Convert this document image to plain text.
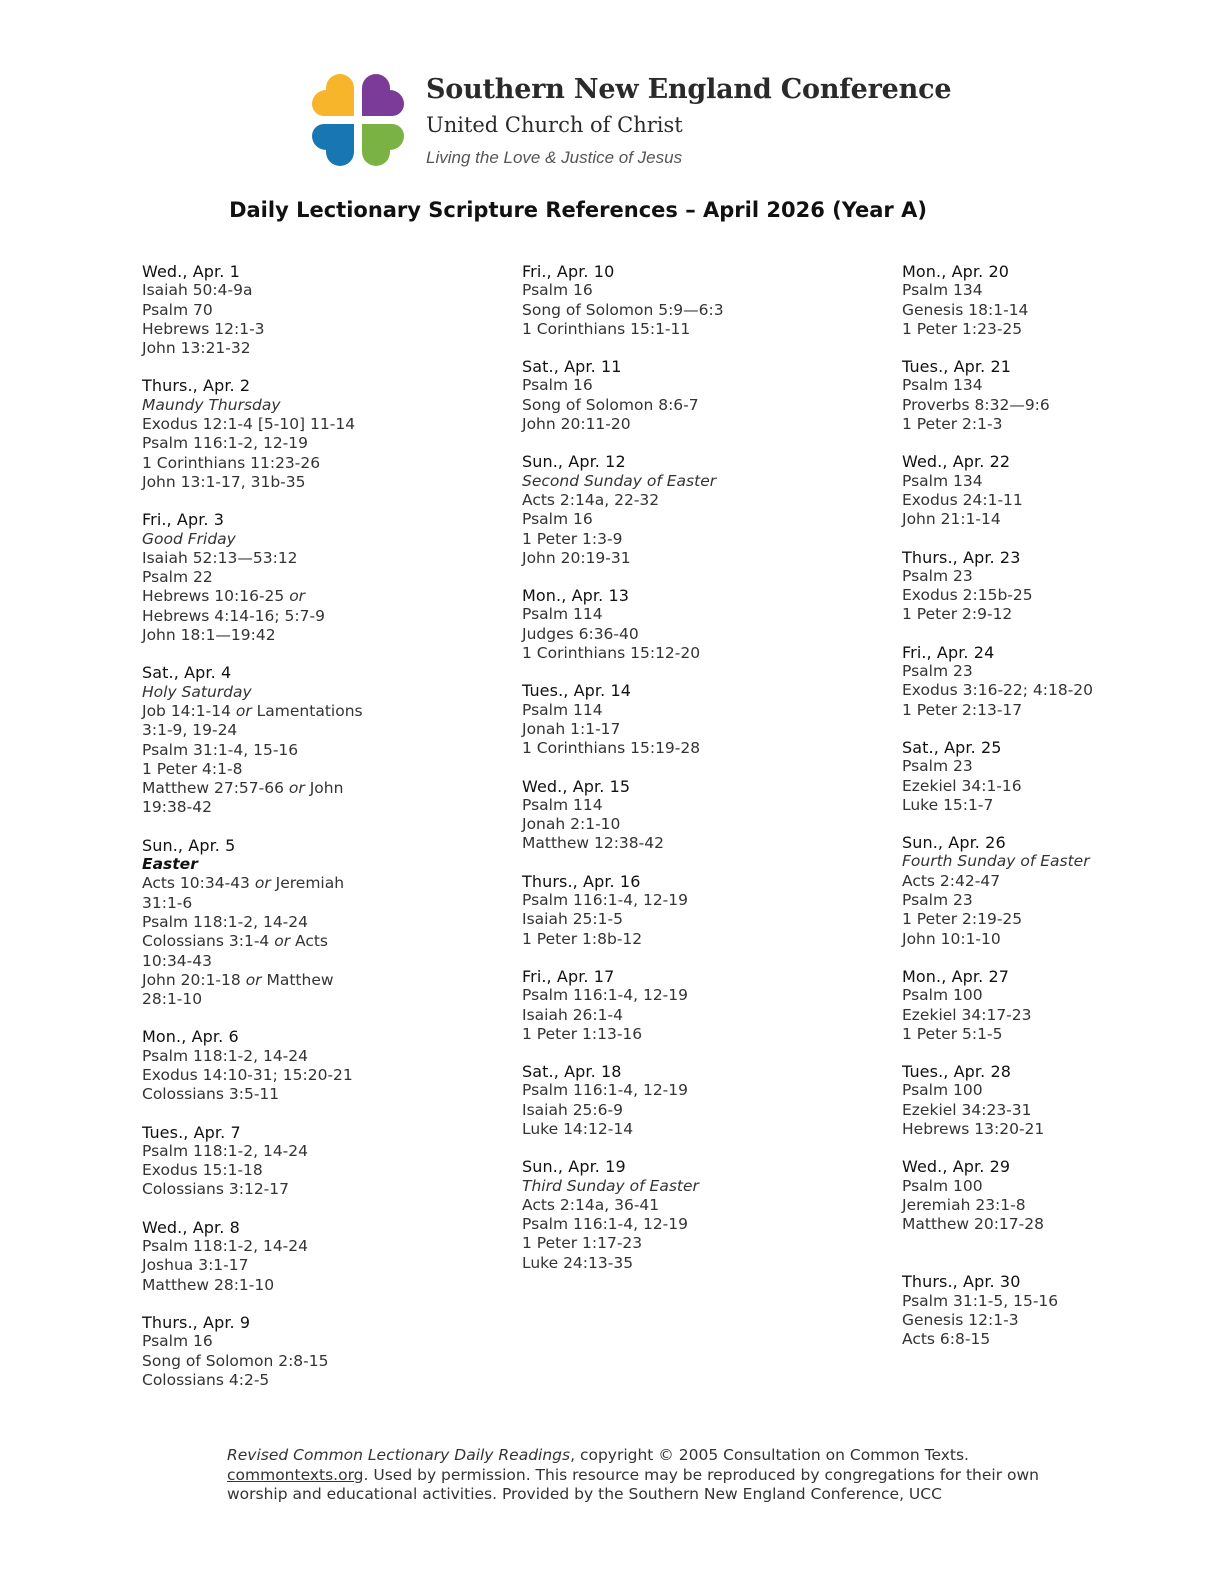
Southern New England Conference
United Church of Christ
Living the Love & Justice of Jesus
Daily Lectionary Scripture References – April 2026 (Year A)
Wed., Apr. 1
Isaiah 50:4-9a
Psalm 70
Hebrews 12:1-3
John 13:21-32
Thurs., Apr. 2
Maundy Thursday
Exodus 12:1-4 [5-10] 11-14
Psalm 116:1-2, 12-19
1 Corinthians 11:23-26
John 13:1-17, 31b-35
Fri., Apr. 3
Good Friday
Isaiah 52:13—53:12
Psalm 22
Hebrews 10:16-25 or
Hebrews 4:14-16; 5:7-9
John 18:1—19:42
Sat., Apr. 4
Holy Saturday
Job 14:1-14 or Lamentations
3:1-9, 19-24
Psalm 31:1-4, 15-16
1 Peter 4:1-8
Matthew 27:57-66 or John
19:38-42
Sun., Apr. 5
Easter
Acts 10:34-43 or Jeremiah
31:1-6
Psalm 118:1-2, 14-24
Colossians 3:1-4 or Acts
10:34-43
John 20:1-18 or Matthew
28:1-10
Mon., Apr. 6
Psalm 118:1-2, 14-24
Exodus 14:10-31; 15:20-21
Colossians 3:5-11
Tues., Apr. 7
Psalm 118:1-2, 14-24
Exodus 15:1-18
Colossians 3:12-17
Wed., Apr. 8
Psalm 118:1-2, 14-24
Joshua 3:1-17
Matthew 28:1-10
Thurs., Apr. 9
Psalm 16
Song of Solomon 2:8-15
Colossians 4:2-5
Fri., Apr. 10
Psalm 16
Song of Solomon 5:9—6:3
1 Corinthians 15:1-11
Sat., Apr. 11
Psalm 16
Song of Solomon 8:6-7
John 20:11-20
Sun., Apr. 12
Second Sunday of Easter
Acts 2:14a, 22-32
Psalm 16
1 Peter 1:3-9
John 20:19-31
Mon., Apr. 13
Psalm 114
Judges 6:36-40
1 Corinthians 15:12-20
Tues., Apr. 14
Psalm 114
Jonah 1:1-17
1 Corinthians 15:19-28
Wed., Apr. 15
Psalm 114
Jonah 2:1-10
Matthew 12:38-42
Thurs., Apr. 16
Psalm 116:1-4, 12-19
Isaiah 25:1-5
1 Peter 1:8b-12
Fri., Apr. 17
Psalm 116:1-4, 12-19
Isaiah 26:1-4
1 Peter 1:13-16
Sat., Apr. 18
Psalm 116:1-4, 12-19
Isaiah 25:6-9
Luke 14:12-14
Sun., Apr. 19
Third Sunday of Easter
Acts 2:14a, 36-41
Psalm 116:1-4, 12-19
1 Peter 1:17-23
Luke 24:13-35
Mon., Apr. 20
Psalm 134
Genesis 18:1-14
1 Peter 1:23-25
Tues., Apr. 21
Psalm 134
Proverbs 8:32—9:6
1 Peter 2:1-3
Wed., Apr. 22
Psalm 134
Exodus 24:1-11
John 21:1-14
Thurs., Apr. 23
Psalm 23
Exodus 2:15b-25
1 Peter 2:9-12
Fri., Apr. 24
Psalm 23
Exodus 3:16-22; 4:18-20
1 Peter 2:13-17
Sat., Apr. 25
Psalm 23
Ezekiel 34:1-16
Luke 15:1-7
Sun., Apr. 26
Fourth Sunday of Easter
Acts 2:42-47
Psalm 23
1 Peter 2:19-25
John 10:1-10
Mon., Apr. 27
Psalm 100
Ezekiel 34:17-23
1 Peter 5:1-5
Tues., Apr. 28
Psalm 100
Ezekiel 34:23-31
Hebrews 13:20-21
Wed., Apr. 29
Psalm 100
Jeremiah 23:1-8
Matthew 20:17-28
Thurs., Apr. 30
Psalm 31:1-5, 15-16
Genesis 12:1-3
Acts 6:8-15
Revised Common Lectionary Daily Readings, copyright © 2005 Consultation on Common Texts. commontexts.org. Used by permission. This resource may be reproduced by congregations for their own worship and educational activities. Provided by the Southern New England Conference, UCC
